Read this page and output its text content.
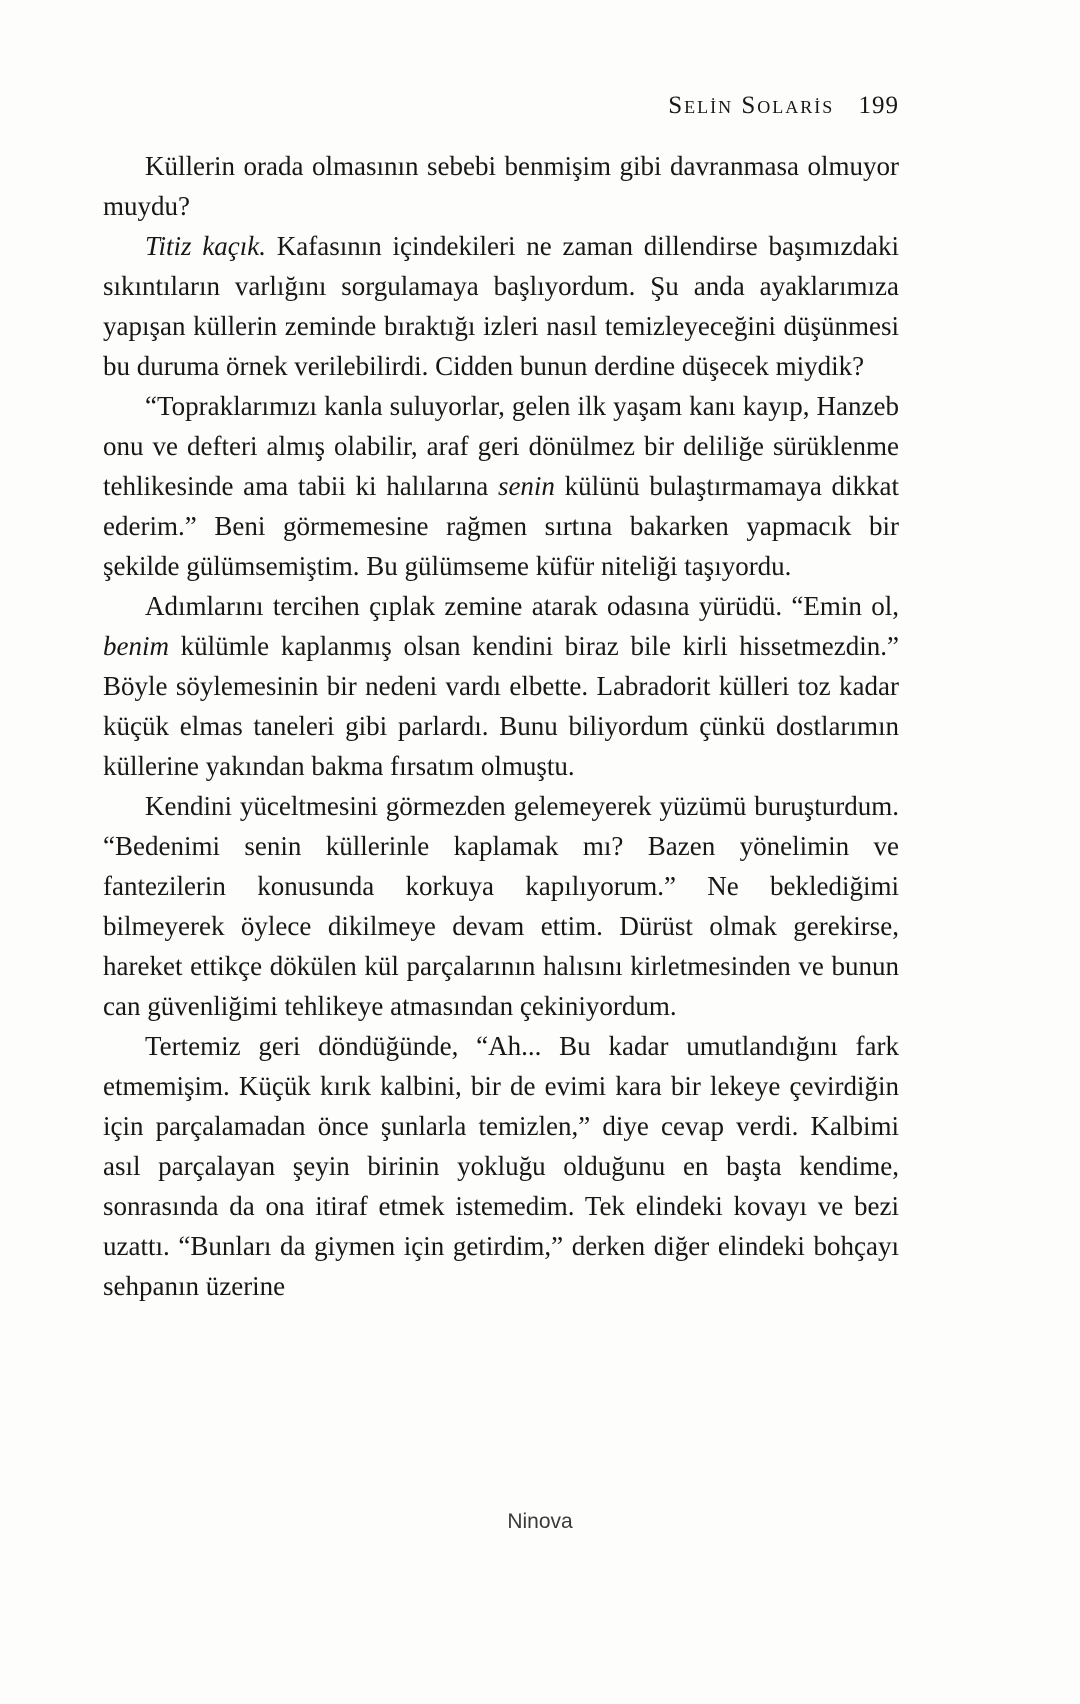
Selin Solaris 199

Küllerin orada olmasının sebebi benmişim gibi davranmasa olmuyor muydu?

Titiz kaçık. Kafasının içindekileri ne zaman dillendirse başımızdaki sıkıntıların varlığını sorgulamaya başlıyordum. Şu anda ayaklarımıza yapışan küllerin zeminde bıraktığı izleri nasıl temizleyeceğini düşünmesi bu duruma örnek verilebilirdi. Cidden bunun derdine düşecek miydik?

“Topraklarımızı kanla suluyorlar, gelen ilk yaşam kanı kayıp, Hanzeb onu ve defteri almış olabilir, araf geri dönülmez bir deliliğe sürüklenme tehlikesinde ama tabii ki halılarına senin külünü bulaştırmamaya dikkat ederim.” Beni görmemesine rağmen sırtına bakarken yapmacık bir şekilde gülümsemiştim. Bu gülümseme küfür niteliği taşıyordu.

Adımlarını tercihen çıplak zemine atarak odasına yürüdü. “Emin ol, benim külümle kaplanmış olsan kendini biraz bile kirli hissetmezdin.” Böyle söylemesinin bir nedeni vardı elbette. Labradorit külleri toz kadar küçük elmas taneleri gibi parlardı. Bunu biliyordum çünkü dostlarımın küllerine yakından bakma fırsatım olmuştu.

Kendini yüceltmesini görmezden gelemeyerek yüzümü buruşturdum. “Bedenimi senin küllerinle kaplamak mı? Bazen yönelimin ve fantezilerin konusunda korkuya kapılıyorum.” Ne beklediğimi bilmeyerek öylece dikilmeye devam ettim. Dürüst olmak gerekirse, hareket ettikçe dökülen kül parçalarının halısını kirletmesinden ve bunun can güvenliğimi tehlikeye atmasından çekiniyordum.

Tertemiz geri döndüğünde, “Ah... Bu kadar umutlandığını fark etmemişim. Küçük kırık kalbini, bir de evimi kara bir lekeye çevirdiğin için parçalamadan önce şunlarla temizlen,” diye cevap verdi. Kalbimi asıl parçalayan şeyin birinin yokluğu olduğunu en başta kendime, sonrasında da ona itiraf etmek istemedim. Tek elindeki kovayı ve bezi uzattı. “Bunları da giymen için getirdim,” derken diğer elindeki bohçayı sehpanın üzerine

Ninova
